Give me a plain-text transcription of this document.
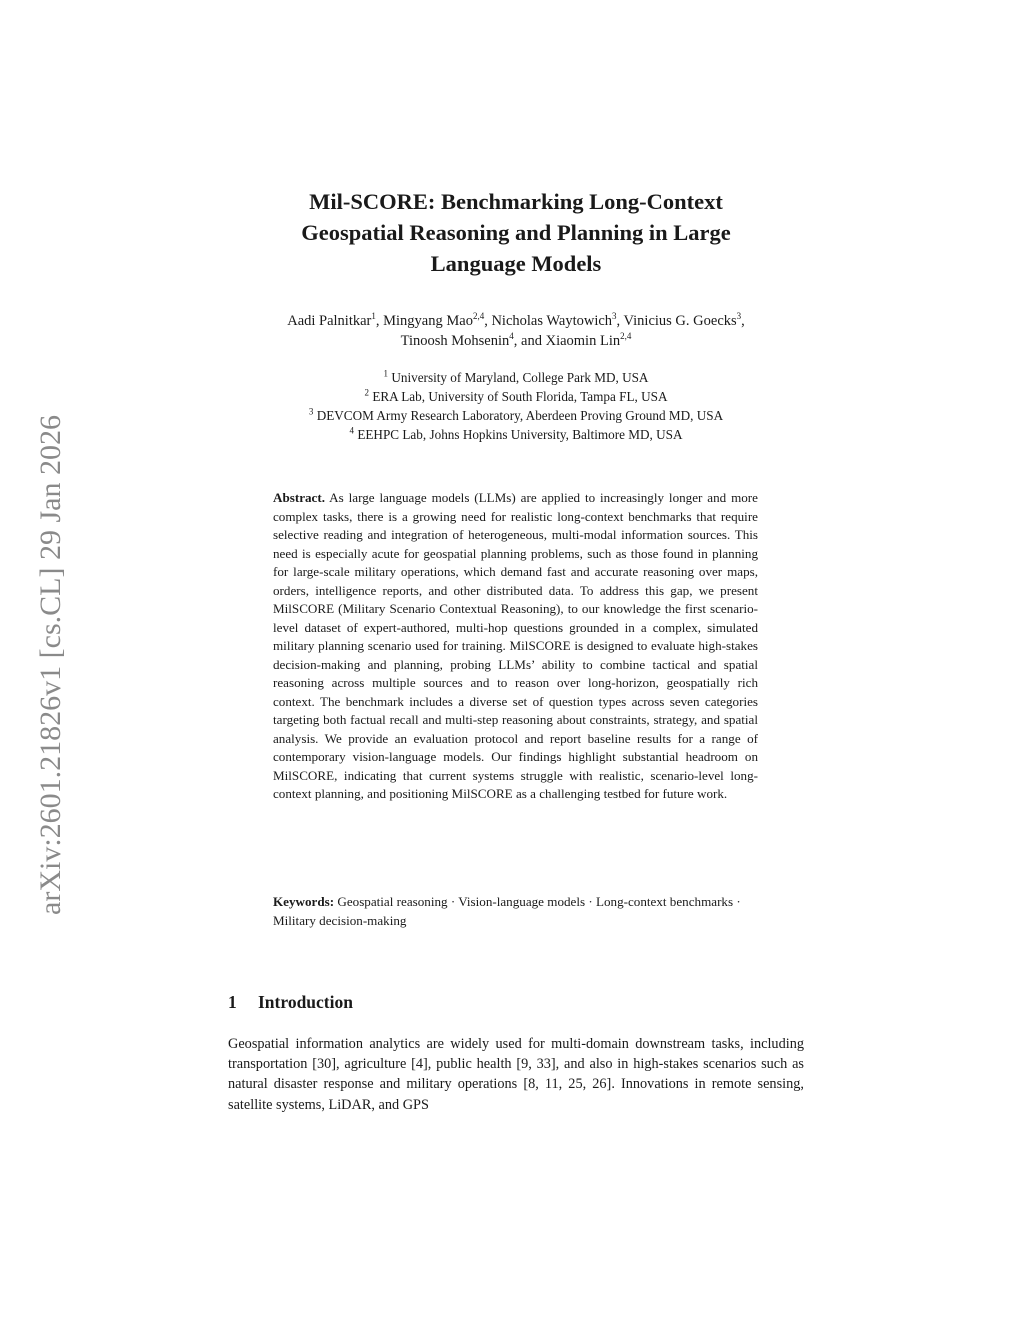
arXiv:2601.21826v1 [cs.CL] 29 Jan 2026
Mil-SCORE: Benchmarking Long-Context
Geospatial Reasoning and Planning in Large
Language Models
Aadi Palnitkar$^1$, Mingyang Mao$^{2,4}$, Nicholas Waytowich$^3$, Vinicius G. Goecks$^3$,
Tinoosh Mohsenin$^4$, and Xiaomin Lin$^{2,4}$
$^1$ University of Maryland, College Park MD, USA
$^2$ ERA Lab, University of South Florida, Tampa FL, USA
$^3$ DEVCOM Army Research Laboratory, Aberdeen Proving Ground MD, USA
$^4$ EEHPC Lab, Johns Hopkins University, Baltimore MD, USA
Abstract. As large language models (LLMs) are applied to increasingly longer and more complex tasks, there is a growing need for realistic long-context benchmarks that require selective reading and integration of heterogeneous, multi-modal information sources. This need is especially acute for geospatial planning problems, such as those found in planning for large-scale military operations, which demand fast and accurate reasoning over maps, orders, intelligence reports, and other distributed data. To address this gap, we present MilSCORE (Military Scenario Contextual Reasoning), to our knowledge the first scenario-level dataset of expert-authored, multi-hop questions grounded in a complex, simulated military planning scenario used for training. MilSCORE is designed to evaluate high-stakes decision-making and planning, probing LLMs’ ability to combine tactical and spatial reasoning across multiple sources and to reason over long-horizon, geospatially rich context. The benchmark includes a diverse set of question types across seven categories targeting both factual recall and multi-step reasoning about constraints, strategy, and spatial analysis. We provide an evaluation protocol and report baseline results for a range of contemporary vision-language models. Our findings highlight substantial headroom on MilSCORE, indicating that current systems struggle with realistic, scenario-level long-context planning, and positioning MilSCORE as a challenging testbed for future work.
Keywords: Geospatial reasoning · Vision-language models · Long-context benchmarks · Military decision-making
1 Introduction
Geospatial information analytics are widely used for multi-domain downstream tasks, including transportation [30], agriculture [4], public health [9, 33], and also in high-stakes scenarios such as natural disaster response and military operations [8, 11, 25, 26]. Innovations in remote sensing, satellite systems, LiDAR, and GPS
